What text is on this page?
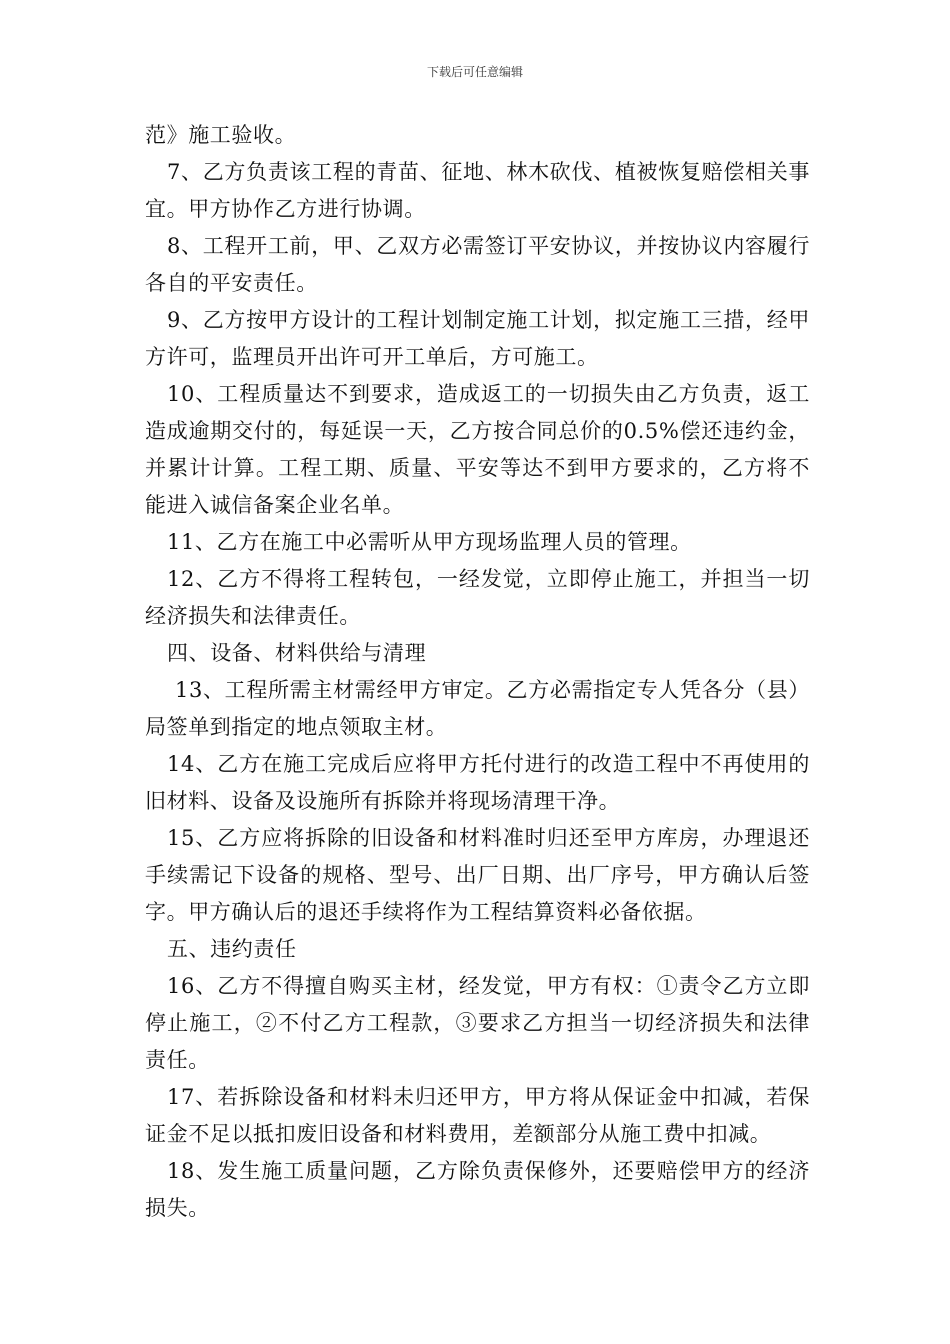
下载后可任意编辑

范》施工验收。

7、乙方负责该工程的青苗、征地、林木砍伐、植被恢复赔偿相关事宜。甲方协作乙方进行协调。

8、工程开工前，甲、乙双方必需签订平安协议，并按协议内容履行各自的平安责任。

9、乙方按甲方设计的工程计划制定施工计划，拟定施工三措，经甲方许可，监理员开出许可开工单后，方可施工。

10、工程质量达不到要求，造成返工的一切损失由乙方负责，返工造成逾期交付的，每延误一天，乙方按合同总价的0.5%偿还违约金，并累计计算。工程工期、质量、平安等达不到甲方要求的，乙方将不能进入诚信备案企业名单。

11、乙方在施工中必需听从甲方现场监理人员的管理。

12、乙方不得将工程转包，一经发觉，立即停止施工，并担当一切经济损失和法律责任。

四、设备、材料供给与清理

13、工程所需主材需经甲方审定。乙方必需指定专人凭各分（县）局签单到指定的地点领取主材。

14、乙方在施工完成后应将甲方托付进行的改造工程中不再使用的旧材料、设备及设施所有拆除并将现场清理干净。

15、乙方应将拆除的旧设备和材料准时归还至甲方库房，办理退还手续需记下设备的规格、型号、出厂日期、出厂序号，甲方确认后签字。甲方确认后的退还手续将作为工程结算资料必备依据。

五、违约责任

16、乙方不得擅自购买主材，经发觉，甲方有权：①责令乙方立即停止施工，②不付乙方工程款，③要求乙方担当一切经济损失和法律责任。

17、若拆除设备和材料未归还甲方，甲方将从保证金中扣减，若保证金不足以抵扣废旧设备和材料费用，差额部分从施工费中扣减。

18、发生施工质量问题，乙方除负责保修外，还要赔偿甲方的经济损失。
